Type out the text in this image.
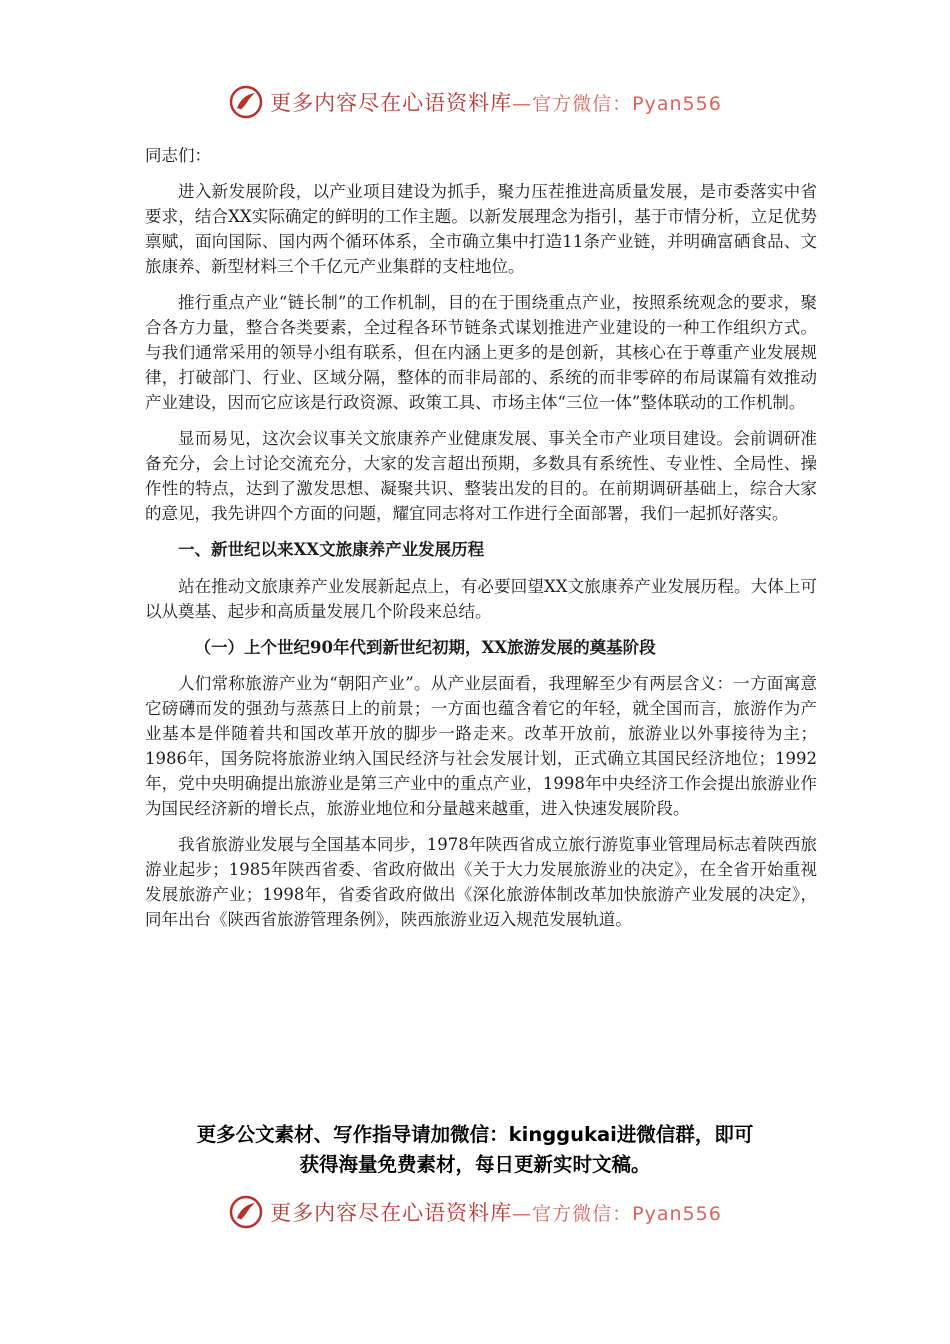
更多内容尽在心语资料库 —官方微信：Pyan556

同志们：

进入新发展阶段，以产业项目建设为抓手，聚力压茬推进高质量发展，是市委落实中省要求，结合XX实际确定的鲜明的工作主题。以新发展理念为指引，基于市情分析，立足优势禀赋，面向国际、国内两个循环体系，全市确立集中打造11条产业链，并明确富硒食品、文旅康养、新型材料三个千亿元产业集群的支柱地位。

推行重点产业“链长制”的工作机制，目的在于围绕重点产业，按照系统观念的要求，聚合各方力量，整合各类要素，全过程各环节链条式谋划推进产业建设的一种工作组织方式。与我们通常采用的领导小组有联系，但在内涵上更多的是创新，其核心在于尊重产业发展规律，打破部门、行业、区域分隔，整体的而非局部的、系统的而非零碎的布局谋篇有效推动产业建设，因而它应该是行政资源、政策工具、市场主体“三位一体”整体联动的工作机制。

显而易见，这次会议事关文旅康养产业健康发展、事关全市产业项目建设。会前调研准备充分，会上讨论交流充分，大家的发言超出预期，多数具有系统性、专业性、全局性、操作性的特点，达到了激发思想、凝聚共识、整装出发的目的。在前期调研基础上，综合大家的意见，我先讲四个方面的问题，耀宜同志将对工作进行全面部署，我们一起抓好落实。

一、新世纪以来XX文旅康养产业发展历程

站在推动文旅康养产业发展新起点上，有必要回望XX文旅康养产业发展历程。大体上可以从奠基、起步和高质量发展几个阶段来总结。

（一）上个世纪90年代到新世纪初期，XX旅游发展的奠基阶段

人们常称旅游产业为“朝阳产业”。从产业层面看，我理解至少有两层含义：一方面寓意它磅礴而发的强劲与蒸蒸日上的前景；一方面也蕴含着它的年轻，就全国而言，旅游作为产业基本是伴随着共和国改革开放的脚步一路走来。改革开放前，旅游业以外事接待为主；1986年，国务院将旅游业纳入国民经济与社会发展计划，正式确立其国民经济地位；1992年，党中央明确提出旅游业是第三产业中的重点产业，1998年中央经济工作会提出旅游业作为国民经济新的增长点，旅游业地位和分量越来越重，进入快速发展阶段。

我省旅游业发展与全国基本同步，1978年陕西省成立旅行游览事业管理局标志着陕西旅游业起步；1985年陕西省委、省政府做出《关于大力发展旅游业的决定》，在全省开始重视发展旅游产业；1998年，省委省政府做出《深化旅游体制改革加快旅游产业发展的决定》，同年出台《陕西省旅游管理条例》，陕西旅游业迈入规范发展轨道。

更多公文素材、写作指导请加微信：kinggukai进微信群，即可
获得海量免费素材，每日更新实时文稿。
更多内容尽在心语资料库 —官方微信：Pyan556
